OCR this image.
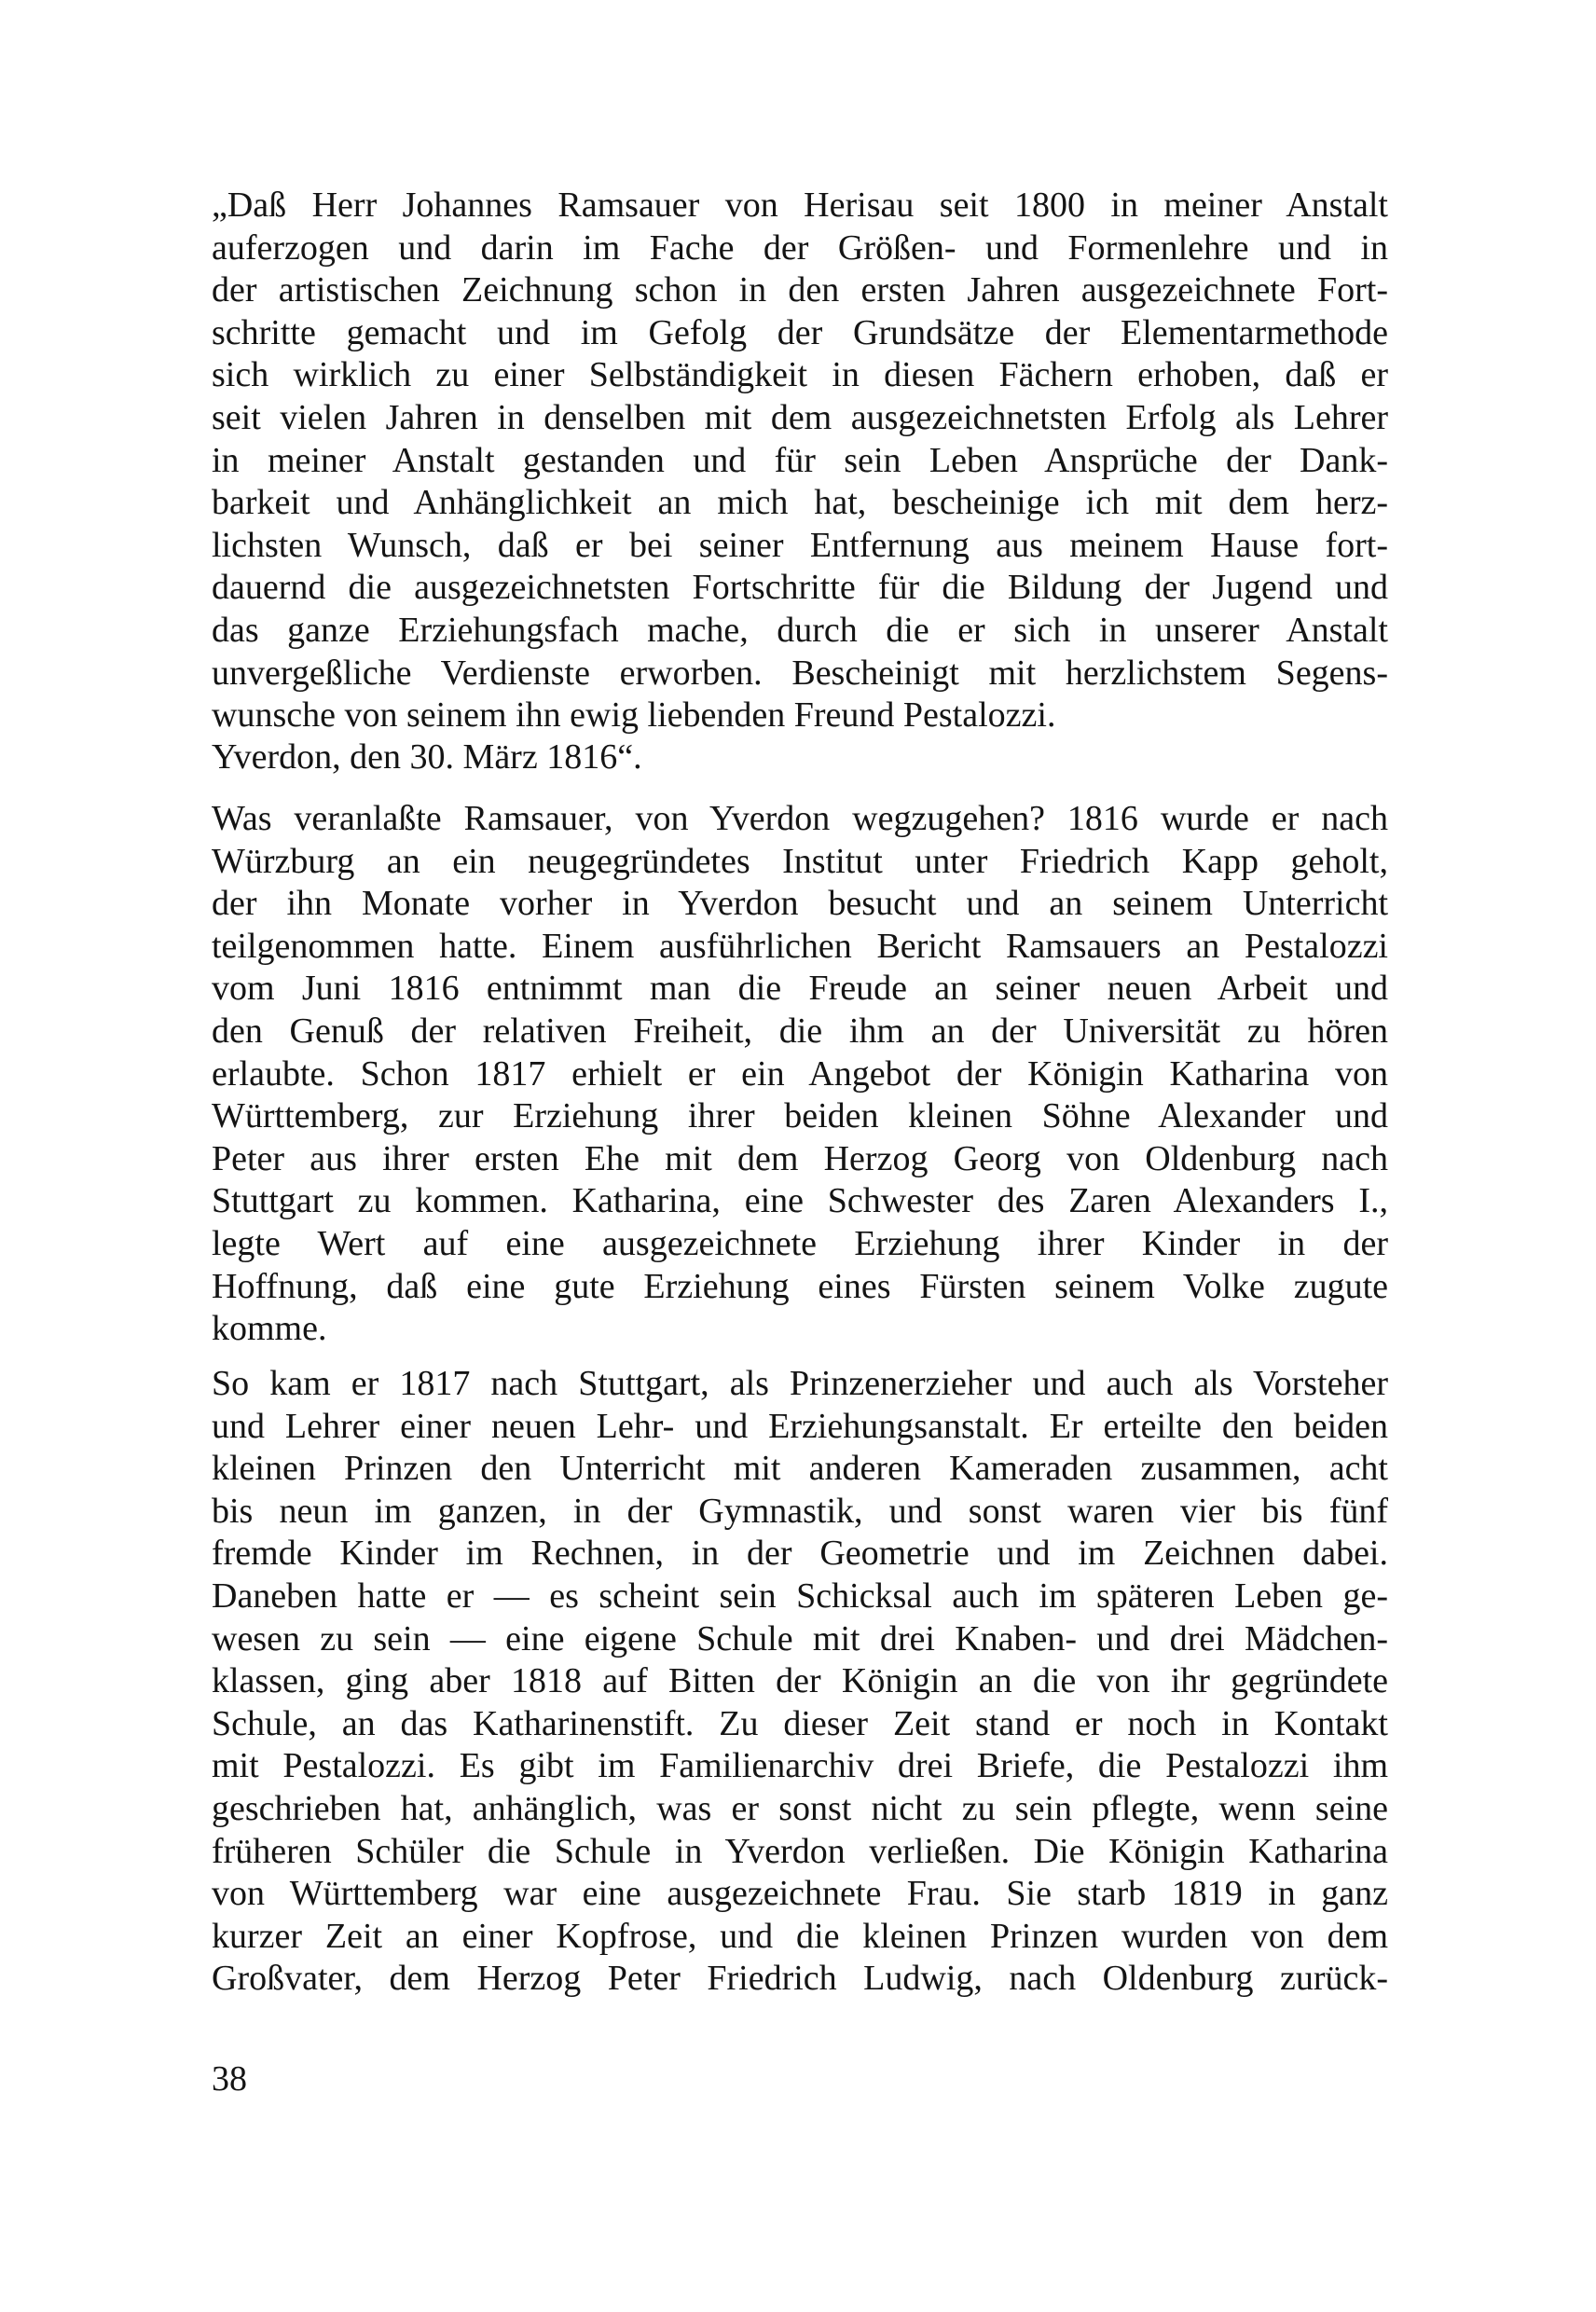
„Daß Herr Johannes Ramsauer von Herisau seit 1800 in meiner Anstalt
auferzogen und darin im Fache der Größen- und Formenlehre und in
der artistischen Zeichnung schon in den ersten Jahren ausgezeichnete Fort-
schritte gemacht und im Gefolg der Grundsätze der Elementarmethode
sich wirklich zu einer Selbständigkeit in diesen Fächern erhoben, daß er
seit vielen Jahren in denselben mit dem ausgezeichnetsten Erfolg als Lehrer
in meiner Anstalt gestanden und für sein Leben Ansprüche der Dank-
barkeit und Anhänglichkeit an mich hat, bescheinige ich mit dem herz-
lichsten Wunsch, daß er bei seiner Entfernung aus meinem Hause fort-
dauernd die ausgezeichnetsten Fortschritte für die Bildung der Jugend und
das ganze Erziehungsfach mache, durch die er sich in unserer Anstalt
unvergeßliche Verdienste erworben. Bescheinigt mit herzlichstem Segens-
wunsche von seinem ihn ewig liebenden Freund Pestalozzi.
Yverdon, den 30. März 1816“.
Was veranlaßte Ramsauer, von Yverdon wegzugehen? 1816 wurde er nach
Würzburg an ein neugegründetes Institut unter Friedrich Kapp geholt,
der ihn Monate vorher in Yverdon besucht und an seinem Unterricht
teilgenommen hatte. Einem ausführlichen Bericht Ramsauers an Pestalozzi
vom Juni 1816 entnimmt man die Freude an seiner neuen Arbeit und
den Genuß der relativen Freiheit, die ihm an der Universität zu hören
erlaubte. Schon 1817 erhielt er ein Angebot der Königin Katharina von
Württemberg, zur Erziehung ihrer beiden kleinen Söhne Alexander und
Peter aus ihrer ersten Ehe mit dem Herzog Georg von Oldenburg nach
Stuttgart zu kommen. Katharina, eine Schwester des Zaren Alexanders I.,
legte Wert auf eine ausgezeichnete Erziehung ihrer Kinder in der
Hoffnung, daß eine gute Erziehung eines Fürsten seinem Volke zugute
komme.
So kam er 1817 nach Stuttgart, als Prinzenerzieher und auch als Vorsteher
und Lehrer einer neuen Lehr- und Erziehungsanstalt. Er erteilte den beiden
kleinen Prinzen den Unterricht mit anderen Kameraden zusammen, acht
bis neun im ganzen, in der Gymnastik, und sonst waren vier bis fünf
fremde Kinder im Rechnen, in der Geometrie und im Zeichnen dabei.
Daneben hatte er — es scheint sein Schicksal auch im späteren Leben ge-
wesen zu sein — eine eigene Schule mit drei Knaben- und drei Mädchen-
klassen, ging aber 1818 auf Bitten der Königin an die von ihr gegründete
Schule, an das Katharinenstift. Zu dieser Zeit stand er noch in Kontakt
mit Pestalozzi. Es gibt im Familienarchiv drei Briefe, die Pestalozzi ihm
geschrieben hat, anhänglich, was er sonst nicht zu sein pflegte, wenn seine
früheren Schüler die Schule in Yverdon verließen. Die Königin Katharina
von Württemberg war eine ausgezeichnete Frau. Sie starb 1819 in ganz
kurzer Zeit an einer Kopfrose, und die kleinen Prinzen wurden von dem
Großvater, dem Herzog Peter Friedrich Ludwig, nach Oldenburg zurück-
38
